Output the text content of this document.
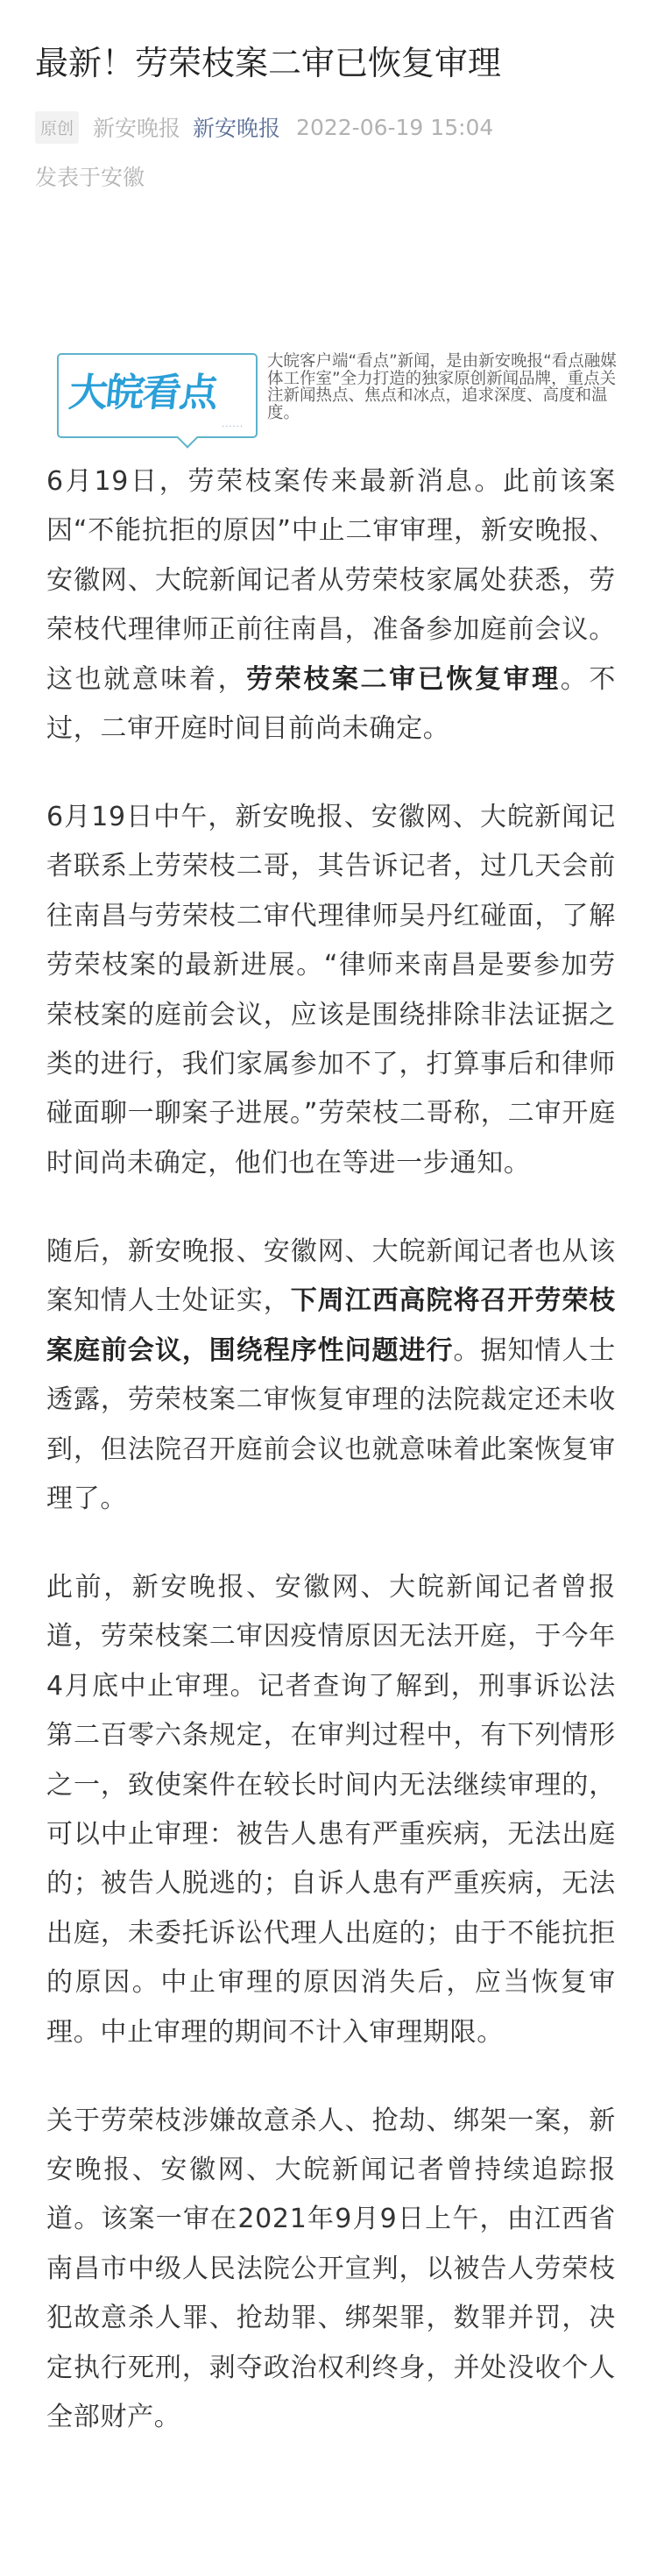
最新！劳荣枝案二审已恢复审理
原创 新安晚报 新安晚报 2022-06-19 15:04
发表于安徽
大皖看点
......
大皖客户端“看点”新闻，是由新安晚报“看点融媒体工作室”全力打造的独家原创新闻品牌，重点关注新闻热点、焦点和冰点，追求深度、高度和温度。

6月19日，劳荣枝案传来最新消息。此前该案因“不能抗拒的原因”中止二审审理，新安晚报、安徽网、大皖新闻记者从劳荣枝家属处获悉，劳荣枝代理律师正前往南昌，准备参加庭前会议。这也就意味着，劳荣枝案二审已恢复审理。不过，二审开庭时间目前尚未确定。

6月19日中午，新安晚报、安徽网、大皖新闻记者联系上劳荣枝二哥，其告诉记者，过几天会前往南昌与劳荣枝二审代理律师吴丹红碰面，了解劳荣枝案的最新进展。“律师来南昌是要参加劳荣枝案的庭前会议，应该是围绕排除非法证据之类的进行，我们家属参加不了，打算事后和律师碰面聊一聊案子进展。”劳荣枝二哥称，二审开庭时间尚未确定，他们也在等进一步通知。

随后，新安晚报、安徽网、大皖新闻记者也从该案知情人士处证实，下周江西高院将召开劳荣枝案庭前会议，围绕程序性问题进行。据知情人士透露，劳荣枝案二审恢复审理的法院裁定还未收到，但法院召开庭前会议也就意味着此案恢复审理了。

此前，新安晚报、安徽网、大皖新闻记者曾报道，劳荣枝案二审因疫情原因无法开庭，于今年4月底中止审理。记者查询了解到，刑事诉讼法第二百零六条规定，在审判过程中，有下列情形之一，致使案件在较长时间内无法继续审理的，可以中止审理：被告人患有严重疾病，无法出庭的；被告人脱逃的；自诉人患有严重疾病，无法出庭，未委托诉讼代理人出庭的；由于不能抗拒的原因。中止审理的原因消失后，应当恢复审理。中止审理的期间不计入审理期限。

关于劳荣枝涉嫌故意杀人、抢劫、绑架一案，新安晚报、安徽网、大皖新闻记者曾持续追踪报道。该案一审在2021年9月9日上午，由江西省南昌市中级人民法院公开宣判，以被告人劳荣枝犯故意杀人罪、抢劫罪、绑架罪，数罪并罚，决定执行死刑，剥夺政治权利终身，并处没收个人全部财产。
